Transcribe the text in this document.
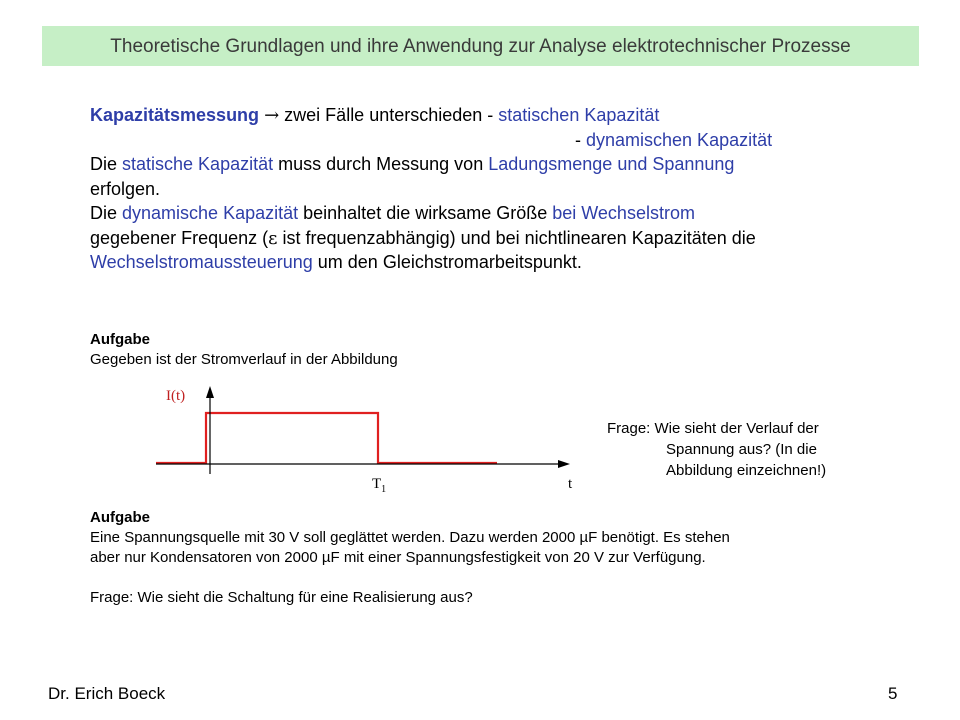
Theoretische Grundlagen und ihre Anwendung zur Analyse elektrotechnischer Prozesse
Kapazitätsmessung → zwei Fälle unterschieden - statischen Kapazität
- dynamischen Kapazität
Die statische Kapazität muss durch Messung von Ladungsmenge und Spannung
erfolgen.
Die dynamische Kapazität beinhaltet die wirksame Größe bei Wechselstrom
gegebener Frequenz (ε ist frequenzabhängig) und bei nichtlinearen Kapazitäten die
Wechselstromaussteuerung um den Gleichstromarbeitspunkt.
Aufgabe
Gegeben ist der Stromverlauf in der Abbildung
I(t)
$T_1$	t
Frage: Wie sieht der Verlauf der
Spannung aus? (In die
Abbildung einzeichnen!)
Aufgabe
Eine Spannungsquelle mit 30 V soll geglättet werden. Dazu werden 2000 µF benötigt. Es stehen
aber nur Kondensatoren von 2000 µF mit einer Spannungsfestigkeit von 20 V zur Verfügung.
Frage: Wie sieht die Schaltung für eine Realisierung aus?
Dr. Erich Boeck	5
